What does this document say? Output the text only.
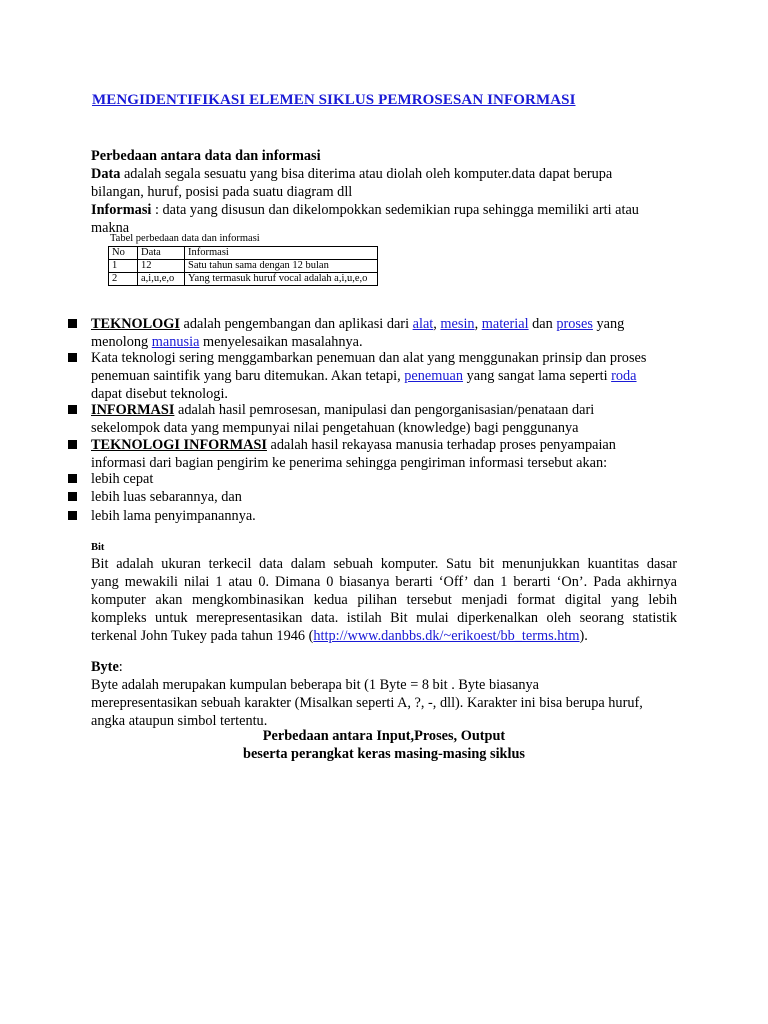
MENGIDENTIFIKASI ELEMEN SIKLUS PEMROSESAN INFORMASI
Perbedaan antara data dan informasi
Data adalah segala sesuatu yang bisa diterima atau diolah oleh komputer.data dapat berupa
bilangan, huruf, posisi pada suatu diagram dll
Informasi : data yang disusun dan dikelompokkan sedemikian rupa sehingga memiliki arti atau
makna
Tabel perbedaan data dan informasi
No	Data	Informasi
1	12	Satu tahun sama dengan 12 bulan
2	a,i,u,e,o	Yang termasuk huruf vocal adalah a,i,u,e,o
TEKNOLOGI adalah pengembangan dan aplikasi dari alat, mesin, material dan proses yang
menolong manusia menyelesaikan masalahnya.
Kata teknologi sering menggambarkan penemuan dan alat yang menggunakan prinsip dan proses
penemuan saintifik yang baru ditemukan. Akan tetapi, penemuan yang sangat lama seperti roda
dapat disebut teknologi.
INFORMASI adalah hasil pemrosesan, manipulasi dan pengorganisasian/penataan dari
sekelompok data yang mempunyai nilai pengetahuan (knowledge) bagi penggunanya
TEKNOLOGI INFORMASI adalah hasil rekayasa manusia terhadap proses penyampaian
informasi dari bagian pengirim ke penerima sehingga pengiriman informasi tersebut akan:
lebih cepat
lebih luas sebarannya, dan
lebih lama penyimpanannya.
Bit
Bit adalah ukuran terkecil data dalam sebuah komputer. Satu bit menunjukkan kuantitas dasar
yang mewakili nilai 1 atau 0. Dimana 0 biasanya berarti ‘Off’ dan 1 berarti ‘On’. Pada akhirnya
komputer akan mengkombinasikan kedua pilihan tersebut menjadi format digital yang lebih
kompleks untuk merepresentasikan data. istilah Bit mulai diperkenalkan oleh seorang statistik
terkenal John Tukey pada tahun 1946 (http://www.danbbs.dk/~erikoest/bb_terms.htm).
Byte:
Byte adalah merupakan kumpulan beberapa bit (1 Byte = 8 bit . Byte biasanya
merepresentasikan sebuah karakter (Misalkan seperti A, ?, -, dll). Karakter ini bisa berupa huruf,
angka ataupun simbol tertentu.
Perbedaan antara Input,Proses, Output
beserta perangkat keras masing-masing siklus
